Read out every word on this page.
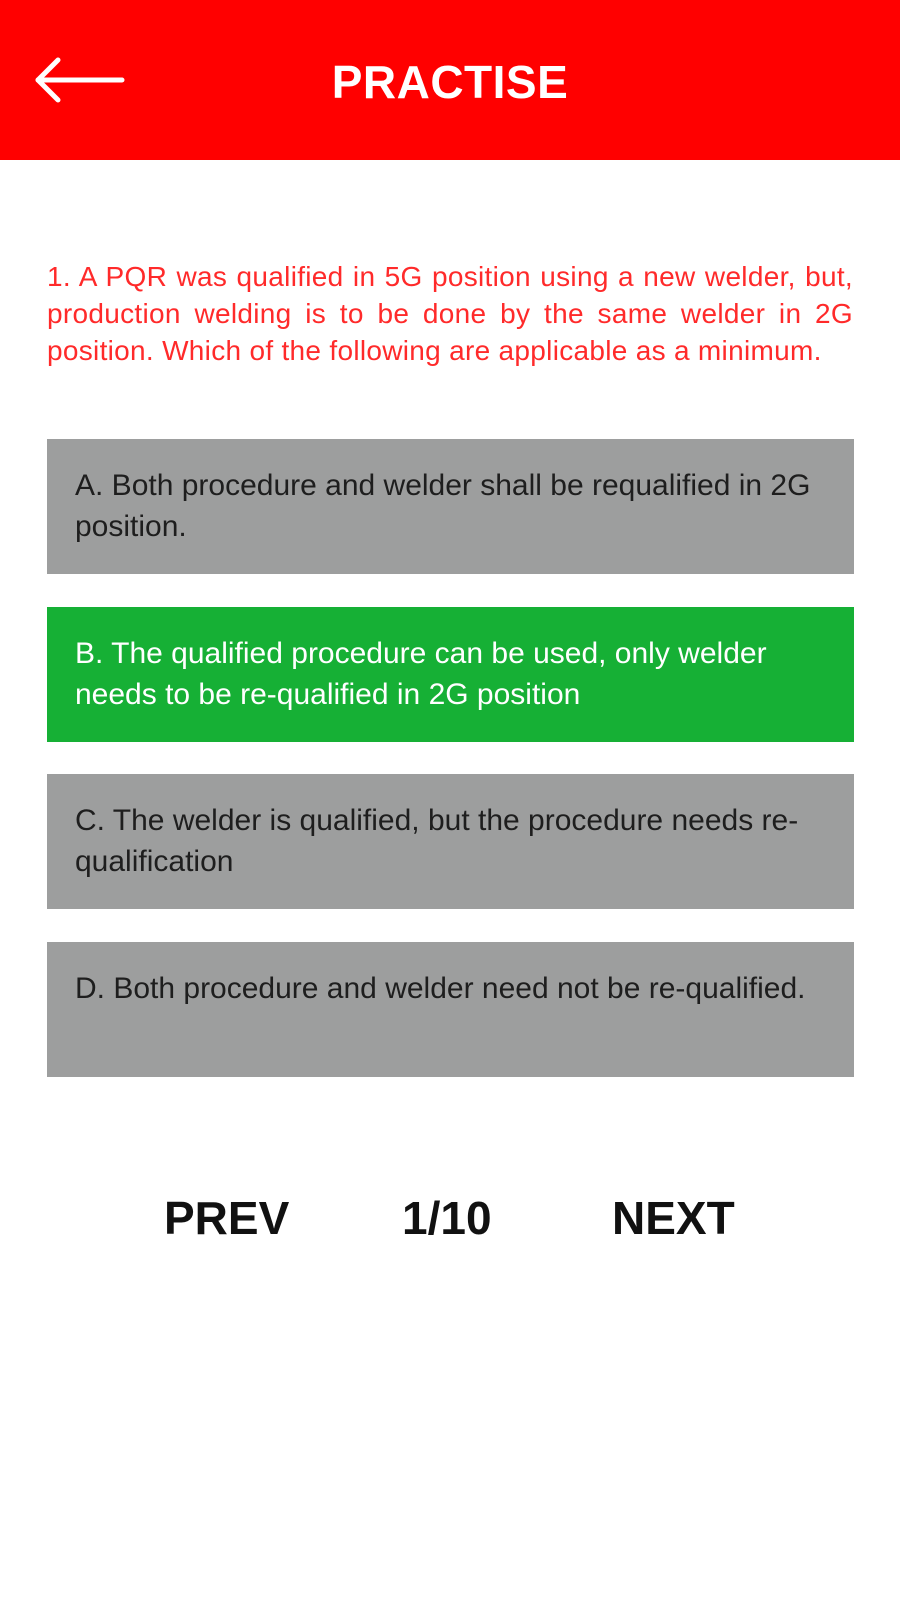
PRACTISE
1. A PQR was qualified in 5G position using a new welder, but, production welding is to be done by the same welder in 2G position. Which of the following are applicable as a minimum.
A. Both procedure and welder shall be requalified in 2G position.
B. The qualified procedure can be used, only welder needs to be re-qualified in 2G position
C. The welder is qualified, but the procedure needs re-qualification
D. Both procedure and welder need not be re-qualified.
PREV 1/10	NEXT
